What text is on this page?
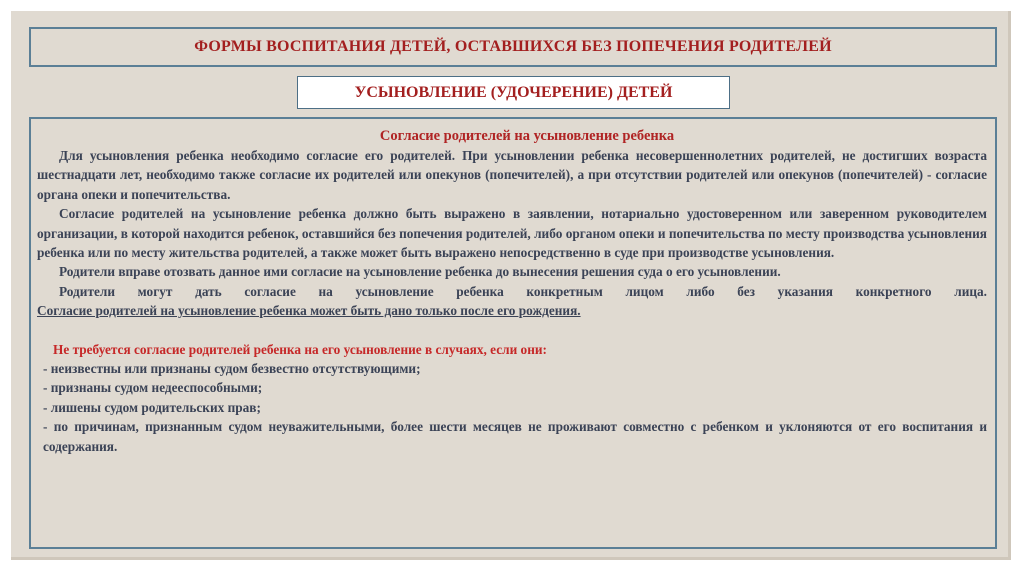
ФОРМЫ ВОСПИТАНИЯ ДЕТЕЙ, ОСТАВШИХСЯ БЕЗ ПОПЕЧЕНИЯ РОДИТЕЛЕЙ
УСЫНОВЛЕНИЕ (УДОЧЕРЕНИЕ) ДЕТЕЙ
Согласие родителей на усыновление ребенка

Для усыновления ребенка необходимо согласие его родителей. При усыновлении ребенка несовершеннолетних родителей, не достигших возраста шестнадцати лет, необходимо также согласие их родителей или опекунов (попечителей), а при отсутствии родителей или опекунов (попечителей) - согласие органа опеки и попечительства.

Согласие родителей на усыновление ребенка должно быть выражено в заявлении, нотариально удостоверенном или заверенном руководителем организации, в которой находится ребенок, оставшийся без попечения родителей, либо органом опеки и попечительства по месту производства усыновления ребенка или по месту жительства родителей, а также может быть выражено непосредственно в суде при производстве усыновления.

Родители вправе отозвать данное ими согласие на усыновление ребенка до вынесения решения суда о его усыновлении.

Родители могут дать согласие на усыновление ребенка конкретным лицом либо без указания конкретного лица.

Согласие родителей на усыновление ребенка может быть дано только после его рождения.

Не требуется согласие родителей ребенка на его усыновление в случаях, если они:

- неизвестны или признаны судом безвестно отсутствующими;

- признаны судом недееспособными;

- лишены судом родительских прав;

- по причинам, признанным судом неуважительными, более шести месяцев не проживают совместно с ребенком и уклоняются от его воспитания и содержания.
